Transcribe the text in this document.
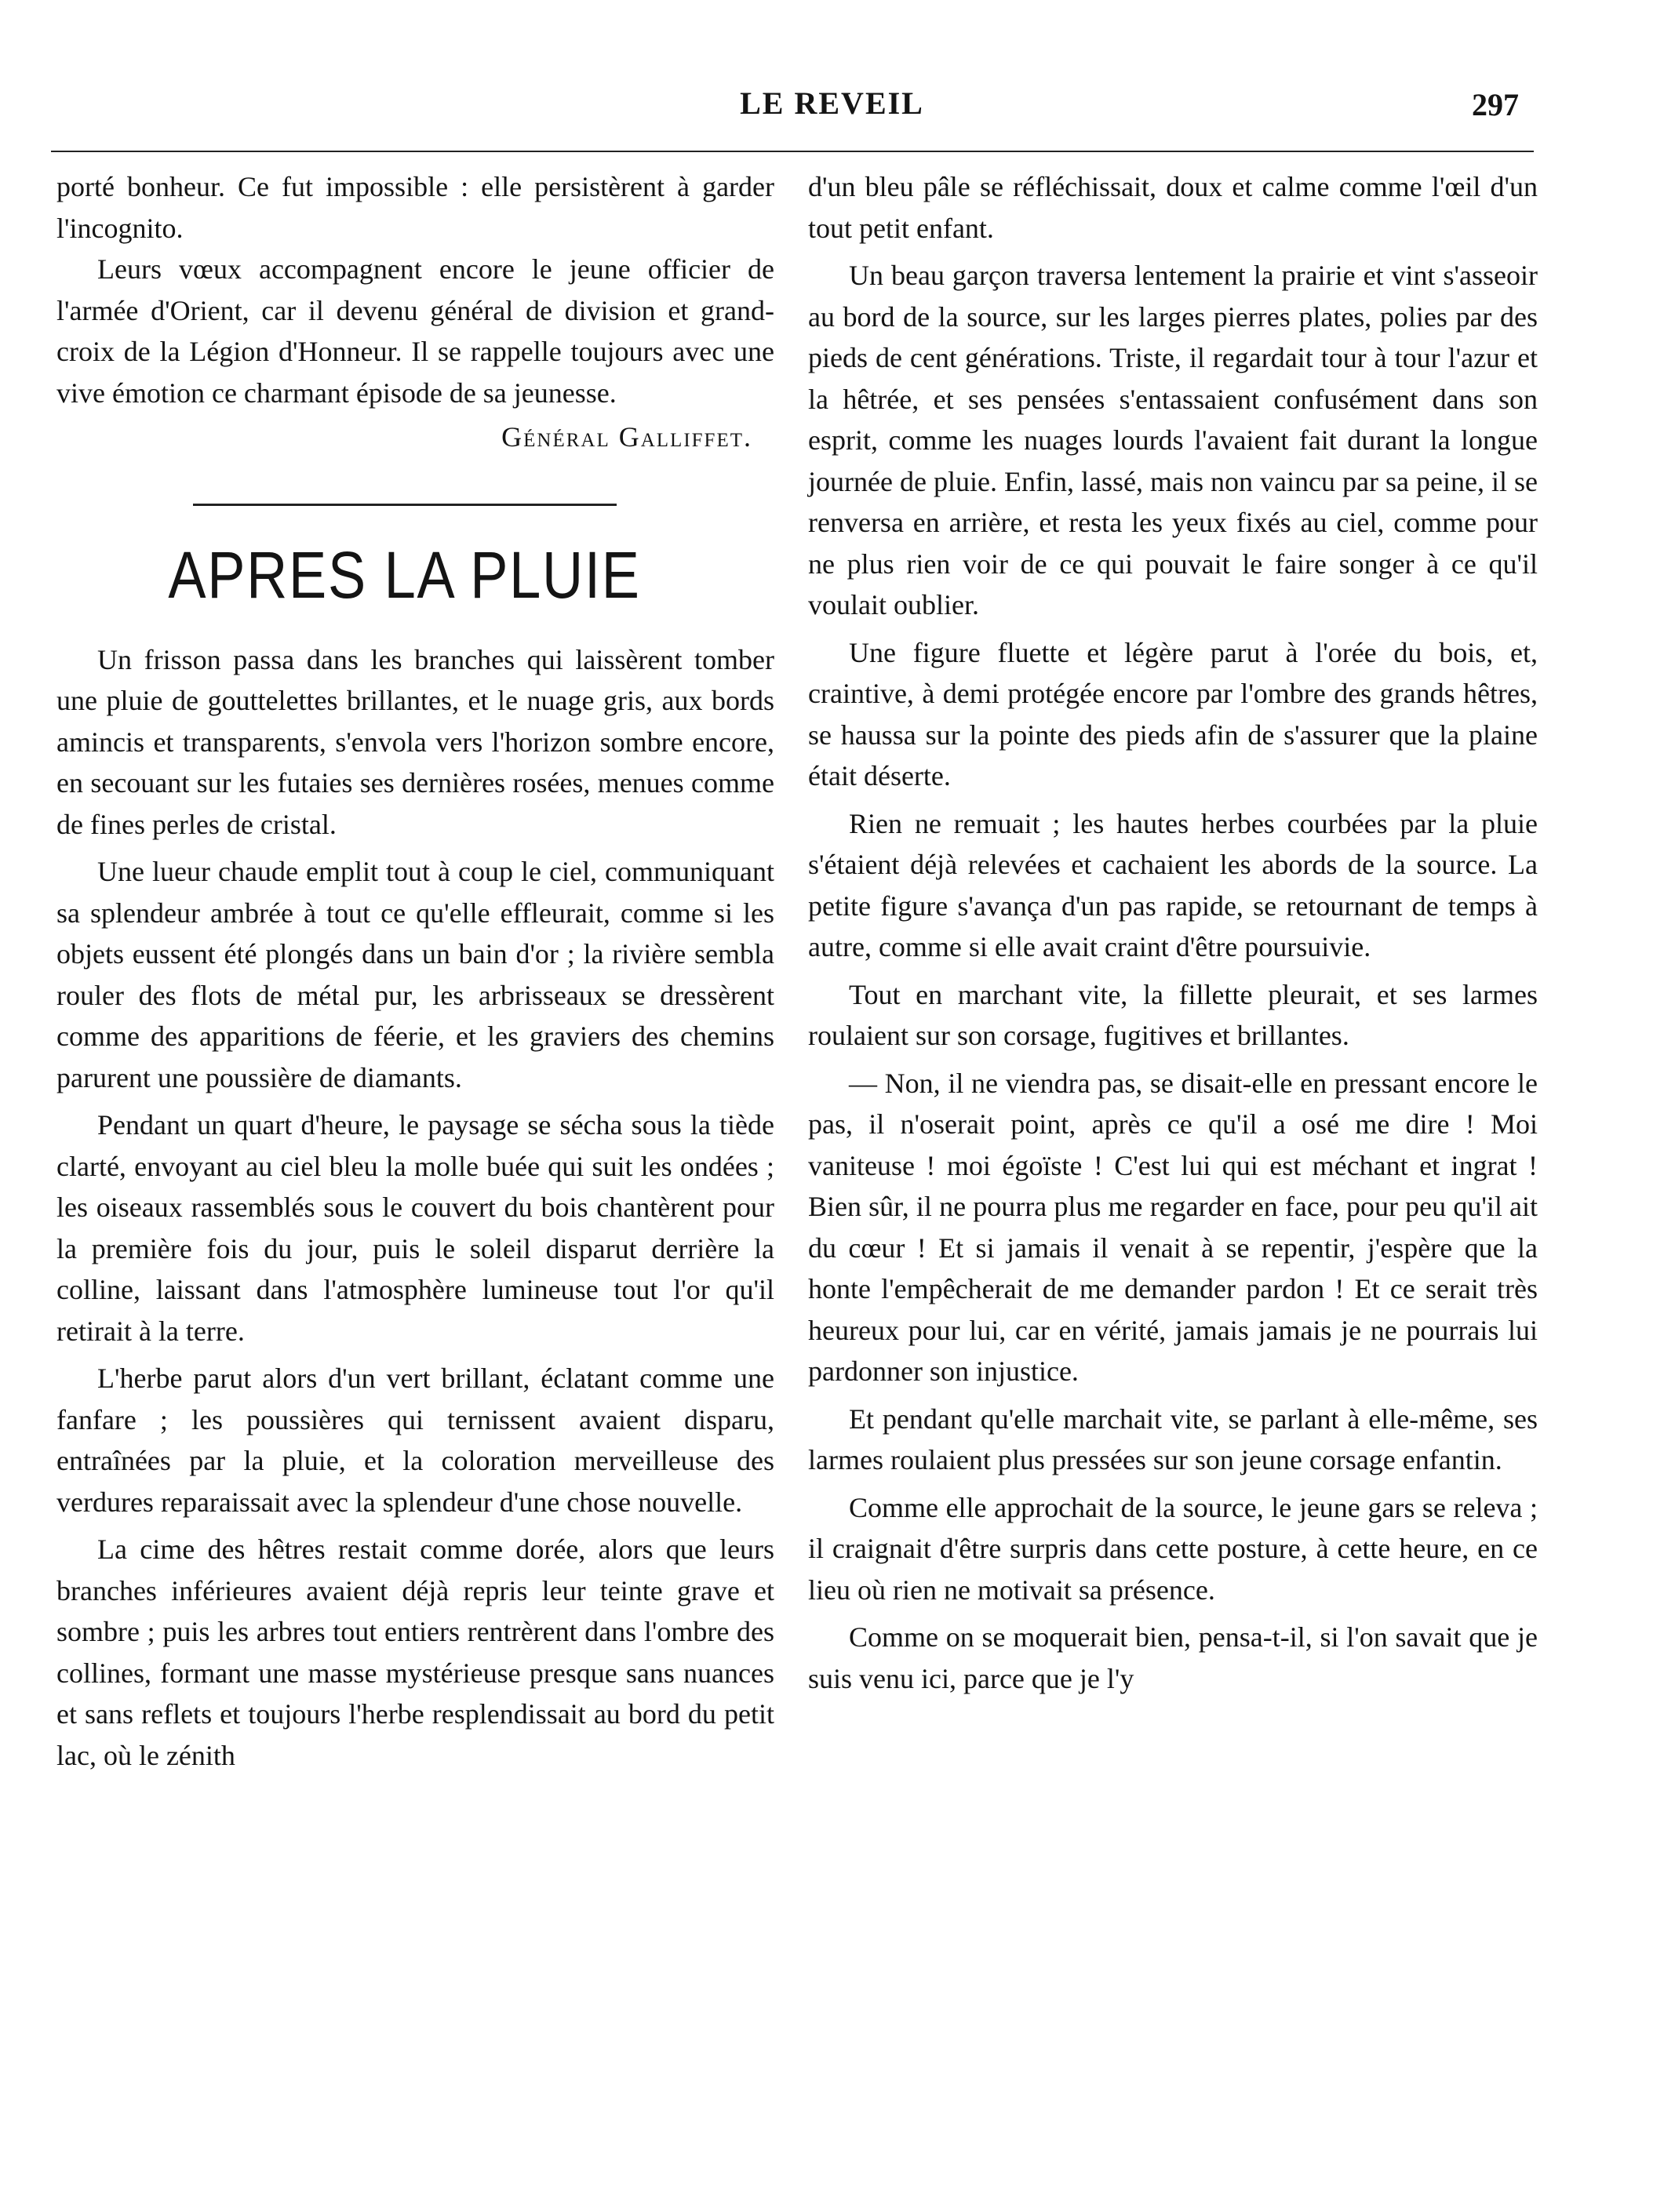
LE REVEIL	297

porté bonheur. Ce fut impossible : elle persistèrent à garder l'incognito.

Leurs vœux accompagnent encore le jeune officier de l'armée d'Orient, car il devenu général de division et grand-croix de la Légion d'Honneur. Il se rappelle toujours avec une vive émotion ce charmant épisode de sa jeunesse.

Général Galliffet.
APRES LA PLUIE

Un frisson passa dans les branches qui laissèrent tomber une pluie de gouttelettes brillantes, et le nuage gris, aux bords amincis et transparents, s'envola vers l'horizon sombre encore, en secouant sur les futaies ses dernières rosées, menues comme de fines perles de cristal.

Une lueur chaude emplit tout à coup le ciel, communiquant sa splendeur ambrée à tout ce qu'elle effleurait, comme si les objets eussent été plongés dans un bain d'or ; la rivière sembla rouler des flots de métal pur, les arbrisseaux se dressèrent comme des apparitions de féerie, et les graviers des chemins parurent une poussière de diamants.

Pendant un quart d'heure, le paysage se sécha sous la tiède clarté, envoyant au ciel bleu la molle buée qui suit les ondées ; les oiseaux rassemblés sous le couvert du bois chantèrent pour la première fois du jour, puis le soleil disparut derrière la colline, laissant dans l'atmosphère lumineuse tout l'or qu'il retirait à la terre.

L'herbe parut alors d'un vert brillant, éclatant comme une fanfare ; les poussières qui ternissent avaient disparu, entraînées par la pluie, et la coloration merveilleuse des verdures reparaissait avec la splendeur d'une chose nouvelle.

La cime des hêtres restait comme dorée, alors que leurs branches inférieures avaient déjà repris leur teinte grave et sombre ; puis les arbres tout entiers rentrèrent dans l'ombre des collines, formant une masse mystérieuse presque sans nuances et sans reflets et toujours l'herbe resplendissait au bord du petit lac, où le zénith

d'un bleu pâle se réfléchissait, doux et calme comme l'œil d'un tout petit enfant.

Un beau garçon traversa lentement la prairie et vint s'asseoir au bord de la source, sur les larges pierres plates, polies par des pieds de cent générations. Triste, il regardait tour à tour l'azur et la hêtrée, et ses pensées s'entassaient confusément dans son esprit, comme les nuages lourds l'avaient fait durant la longue journée de pluie. Enfin, lassé, mais non vaincu par sa peine, il se renversa en arrière, et resta les yeux fixés au ciel, comme pour ne plus rien voir de ce qui pouvait le faire songer à ce qu'il voulait oublier.

Une figure fluette et légère parut à l'orée du bois, et, craintive, à demi protégée encore par l'ombre des grands hêtres, se haussa sur la pointe des pieds afin de s'assurer que la plaine était déserte.

Rien ne remuait ; les hautes herbes courbées par la pluie s'étaient déjà relevées et cachaient les abords de la source. La petite figure s'avança d'un pas rapide, se retournant de temps à autre, comme si elle avait craint d'être poursuivie.

Tout en marchant vite, la fillette pleurait, et ses larmes roulaient sur son corsage, fugitives et brillantes.

— Non, il ne viendra pas, se disait-elle en pressant encore le pas, il n'oserait point, après ce qu'il a osé me dire ! Moi vaniteuse ! moi égoïste ! C'est lui qui est méchant et ingrat ! Bien sûr, il ne pourra plus me regarder en face, pour peu qu'il ait du cœur ! Et si jamais il venait à se repentir, j'espère que la honte l'empêcherait de me demander pardon ! Et ce serait très heureux pour lui, car en vérité, jamais jamais je ne pourrais lui pardonner son injustice.

Et pendant qu'elle marchait vite, se parlant à elle-même, ses larmes roulaient plus pressées sur son jeune corsage enfantin.

Comme elle approchait de la source, le jeune gars se releva ; il craignait d'être surpris dans cette posture, à cette heure, en ce lieu où rien ne motivait sa présence.

Comme on se moquerait bien, pensa-t-il, si l'on savait que je suis venu ici, parce que je l'y
